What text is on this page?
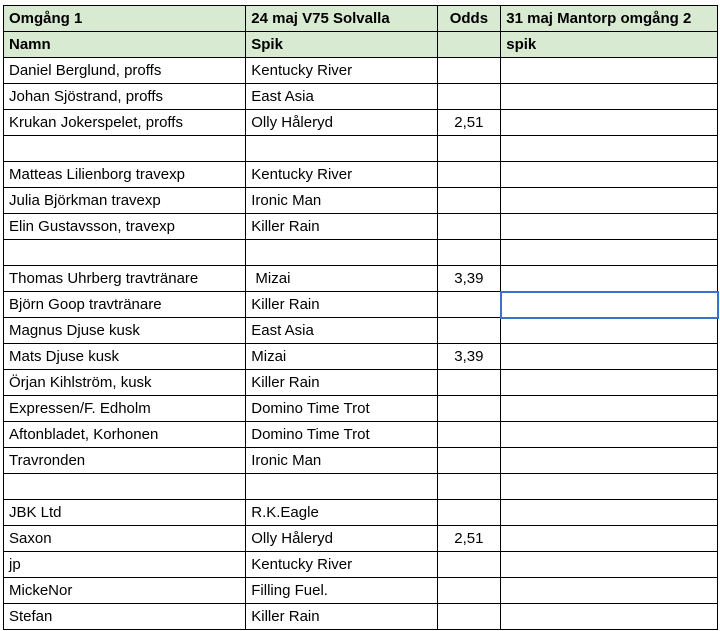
Omgång 1	24 maj V75 Solvalla	Odds	31 maj Mantorp omgång 2
Namn	Spik		spik
Daniel Berglund, proffs	Kentucky River		
Johan Sjöstrand, proffs	East Asia		
Krukan Jokerspelet, proffs	Olly Håleryd	2,51	

Matteas Lilienborg travexp	Kentucky River		
Julia Björkman travexp	Ironic Man		
Elin Gustavsson, travexp	Killer Rain		

Thomas Uhrberg travtränare	Mizai	3,39	
Björn Goop travtränare	Killer Rain		
Magnus Djuse kusk	East Asia		
Mats Djuse kusk	Mizai	3,39	
Örjan Kihlström, kusk	Killer Rain		
Expressen/F. Edholm	Domino Time Trot		
Aftonbladet, Korhonen	Domino Time Trot		
Travronden	Ironic Man		

JBK Ltd	R.K.Eagle		
Saxon	Olly Håleryd	2,51	
jp	Kentucky River		
MickeNor	Filling Fuel.		
Stefan	Killer Rain		
